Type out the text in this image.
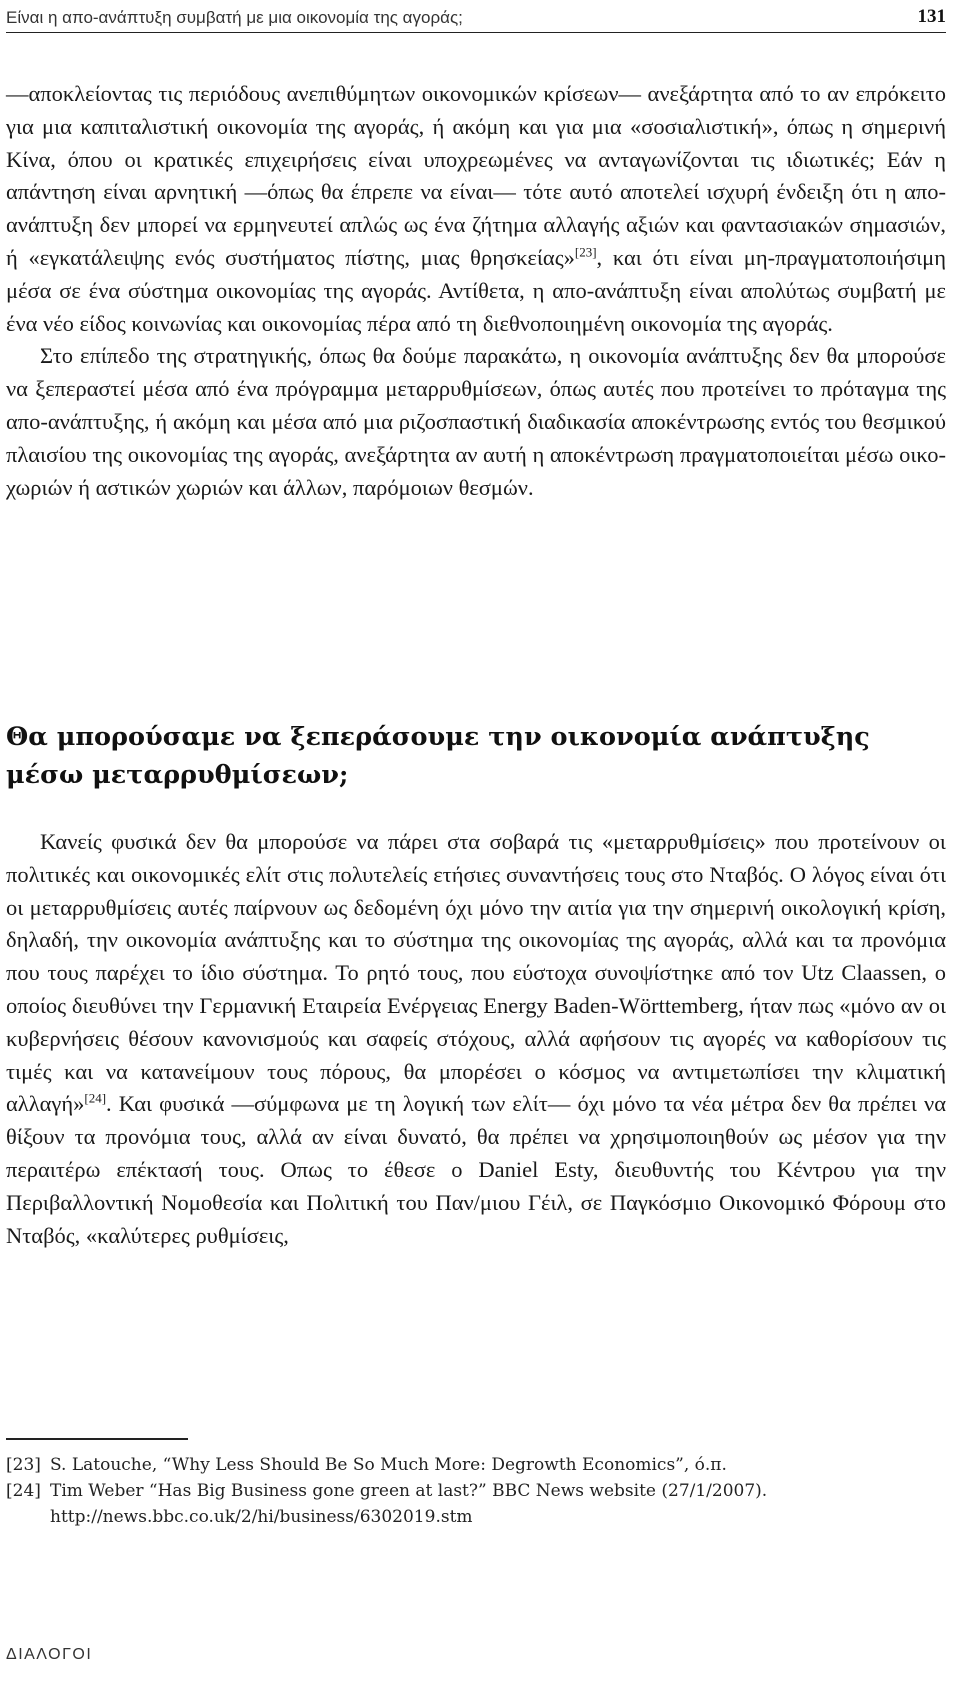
Είναι η απο-ανάπτυξη συμβατή με μια οικονομία της αγοράς;	131

—αποκλείοντας τις περιόδους ανεπιθύμητων οικονομικών κρίσεων— ανεξάρτητα από το αν επρόκειτο για μια καπιταλιστική οικονομία της αγοράς, ή ακόμη και για μια «σοσιαλιστική», όπως η σημερινή Κίνα, όπου οι κρατικές επιχειρήσεις είναι υποχρεωμένες να ανταγωνίζονται τις ιδιωτικές; Εάν η απάντηση είναι αρνητική —όπως θα έπρεπε να είναι— τότε αυτό αποτελεί ισχυρή ένδειξη ότι η απο-ανάπτυξη δεν μπορεί να ερμηνευτεί απλώς ως ένα ζήτημα αλλαγής αξιών και φαντασιακών σημασιών, ή «εγκατάλειψης ενός συστήματος πίστης, μιας θρησκείας»[23], και ότι είναι μη-πραγματοποιήσιμη μέσα σε ένα σύστημα οικονομίας της αγοράς. Αντίθετα, η απο-ανάπτυξη είναι απολύτως συμβατή με ένα νέο είδος κοινωνίας και οικονομίας πέρα από τη διεθνοποιημένη οικονομία της αγοράς.

Στο επίπεδο της στρατηγικής, όπως θα δούμε παρακάτω, η οικονομία ανάπτυξης δεν θα μπορούσε να ξεπεραστεί μέσα από ένα πρόγραμμα μεταρρυθμίσεων, όπως αυτές που προτείνει το πρόταγμα της απο-ανάπτυξης, ή ακόμη και μέσα από μια ριζοσπαστική διαδικασία αποκέντρωσης εντός του θεσμικού πλαισίου της οικονομίας της αγοράς, ανεξάρτητα αν αυτή η αποκέντρωση πραγματοποιείται μέσω οικο-χωριών ή αστικών χωριών και άλλων, παρόμοιων θεσμών.

Θα μπορούσαμε να ξεπεράσουμε την οικονομία ανάπτυξης μέσω μεταρρυθμίσεων;

Κανείς φυσικά δεν θα μπορούσε να πάρει στα σοβαρά τις «μεταρρυθμίσεις» που προτείνουν οι πολιτικές και οικονομικές ελίτ στις πολυτελείς ετήσιες συναντήσεις τους στο Νταβός. Ο λόγος είναι ότι οι μεταρρυθμίσεις αυτές παίρνουν ως δεδομένη όχι μόνο την αιτία για την σημερινή οικολογική κρίση, δηλαδή, την οικονομία ανάπτυξης και το σύστημα της οικονομίας της αγοράς, αλλά και τα προνόμια που τους παρέχει το ίδιο σύστημα. Το ρητό τους, που εύστοχα συνοψίστηκε από τον Utz Claassen, ο οποίος διευθύνει την Γερμανική Εταιρεία Ενέργειας Energy Baden-Wörttemberg, ήταν πως «μόνο αν οι κυβερνήσεις θέσουν κανονισμούς και σαφείς στόχους, αλλά αφήσουν τις αγορές να καθορίσουν τις τιμές και να κατανείμουν τους πόρους, θα μπορέσει ο κόσμος να αντιμετωπίσει την κλιματική αλλαγή»[24]. Και φυσικά —σύμφωνα με τη λογική των ελίτ— όχι μόνο τα νέα μέτρα δεν θα πρέπει να θίξουν τα προνόμια τους, αλλά αν είναι δυνατό, θα πρέπει να χρησιμοποιηθούν ως μέσον για την περαιτέρω επέκτασή τους. Οπως το έθεσε ο Daniel Esty, διευθυντής του Κέντρου για την Περιβαλλοντική Νομοθεσία και Πολιτική του Παν/μιου Γέιλ, σε Παγκόσμιο Οικονομικό Φόρουμ στο Νταβός, «καλύτερες ρυθμίσεις,

[23] S. Latouche, “Why Less Should Be So Much More: Degrowth Economics”, ό.π.

[24] Tim Weber “Has Big Business gone green at last?” BBC News website (27/1/2007). http://news.bbc.co.uk/2/hi/business/6302019.stm

ΔΙΑΛΟΓΟΙ
